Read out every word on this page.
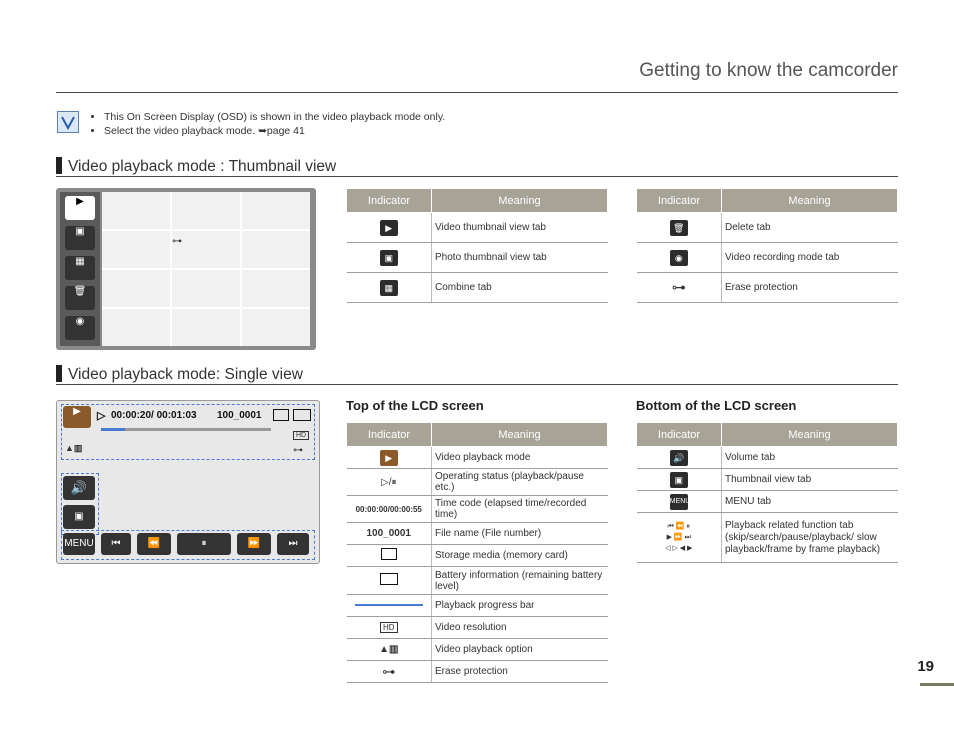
Getting to know the camcorder
• This On Screen Display (OSD) is shown in the video playback mode only.
• Select the video playback mode. ➥page 41
Video playback mode : Thumbnail view
▶
▣
▦
🗑
◉
⊶
Indicator	Meaning
▶	Video thumbnail view tab
▣	Photo thumbnail view tab
▦	Combine tab
Indicator	Meaning
🗑	Delete tab
◉	Video recording mode tab
⊶	Erase protection
Video playback mode: Single view
▶	▷ 00:00:20/ 00:01:03 100_0001
HD
▲▥	⊶
🔊
▣
MENU	⏮	⏪	⏸	⏩	⏭
Top of the LCD screen
Indicator	Meaning
▶	Video playback mode
▷/⏸	Operating status (playback/pause etc.)
00:00:00/00:00:55	Time code (elapsed time/recorded time)
100_0001	File name (File number)
	Storage media (memory card)
	Battery information (remaining battery level)
	Playback progress bar
HD	Video resolution
▲▥	Video playback option
⊶	Erase protection
Bottom of the LCD screen
Indicator	Meaning
🔊	Volume tab
▣	Thumbnail view tab
MENU	MENU tab
⏮ ⏪ ⏸
▶ ⏩ ⏭
◁ ▷ ◀ ▶	Playback related function tab (skip/search/pause/playback/ slow playback/frame by frame playback)
19
